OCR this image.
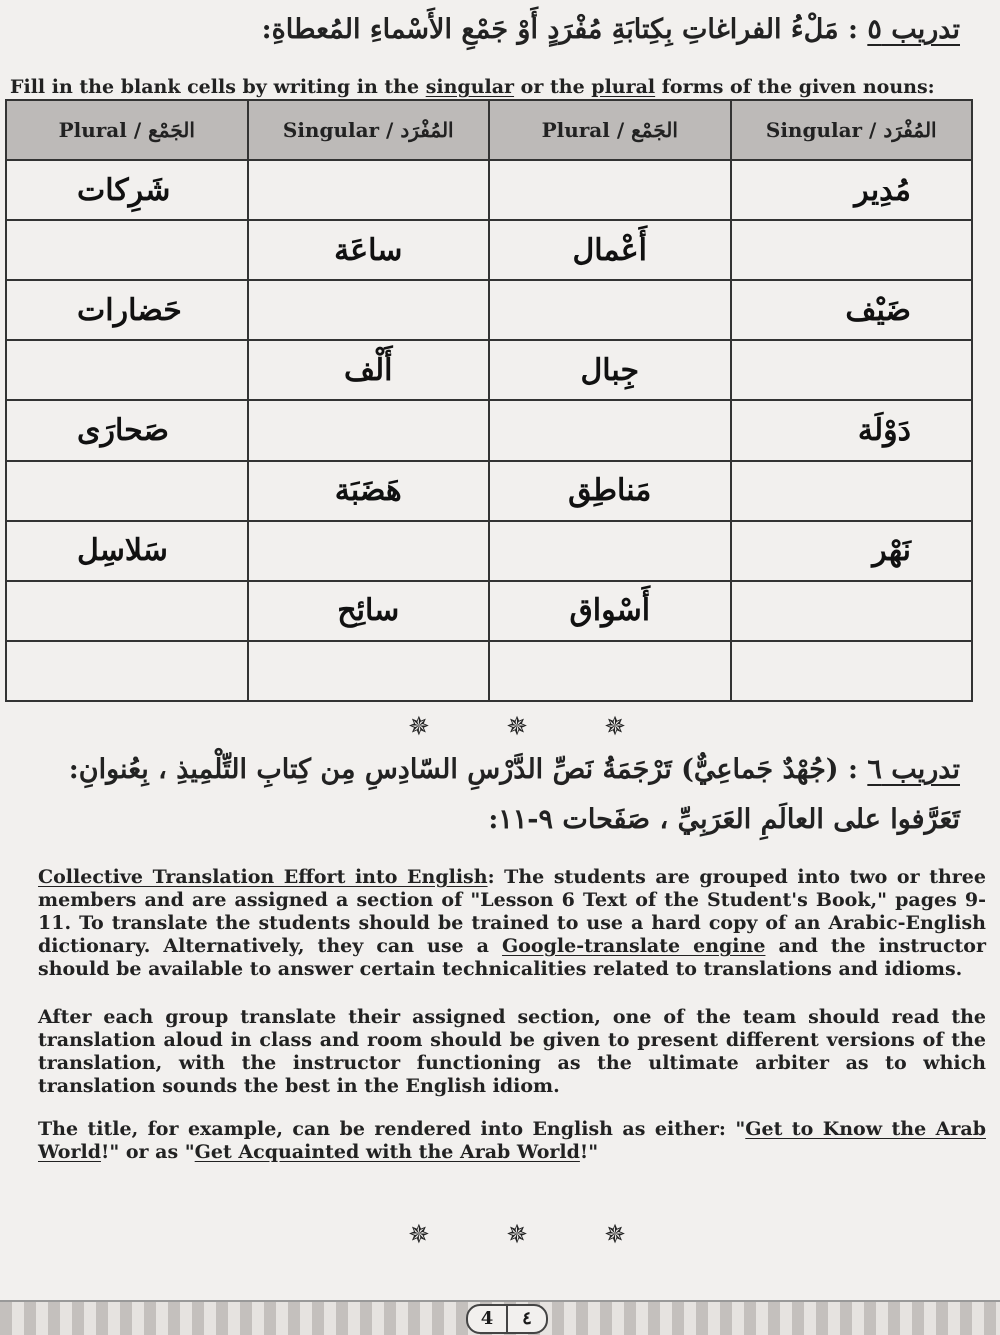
تدريب ٥ : مَلْءُ الفراغاتِ بِكِتابَةِ مُفْرَدٍ أَوْ جَمْعِ الأَسْماءِ المُعطاةِ:
Fill in the blank cells by writing in the singular or the plural forms of the given nouns:
Singular / المُفْرَد	Plural / الجَمْع	Singular / المُفْرَد	Plural / الجَمْع
مُدِير			شَرِكات
	أَعْمال	ساعَة	
ضَيْف			حَضارات
	جِبال	أَلْف	
دَوْلَة			صَحارَى
	مَناطِق	هَضَبَة	
نَهْر			سَلاسِل
	أَسْواق	سائِح	

✵ ✵ ✵
تدريب ٦ : (جُهْدٌ جَماعِيٌّ) تَرْجَمَةُ نَصِّ الدَّرْسِ السّادِسِ مِن كِتابِ التِّلْمِيذِ ، بِعُنوانِ:
تَعَرَّفوا على العالَمِ العَرَبِيِّ ، صَفَحات ٩-١١:
Collective Translation Effort into English: The students are grouped into two or three members and are assigned a section of "Lesson 6 Text of the Student's Book," pages 9-11. To translate the students should be trained to use a hard copy of an Arabic-English dictionary. Alternatively, they can use a Google-translate engine and the instructor should be available to answer certain technicalities related to translations and idioms.
After each group translate their assigned section, one of the team should read the translation aloud in class and room should be given to present different versions of the translation, with the instructor functioning as the ultimate arbiter as to which translation sounds the best in the English idiom.
The title, for example, can be rendered into English as either: "Get to Know the Arab World!" or as "Get Acquainted with the Arab World!"
✵ ✵ ✵
4	٤
